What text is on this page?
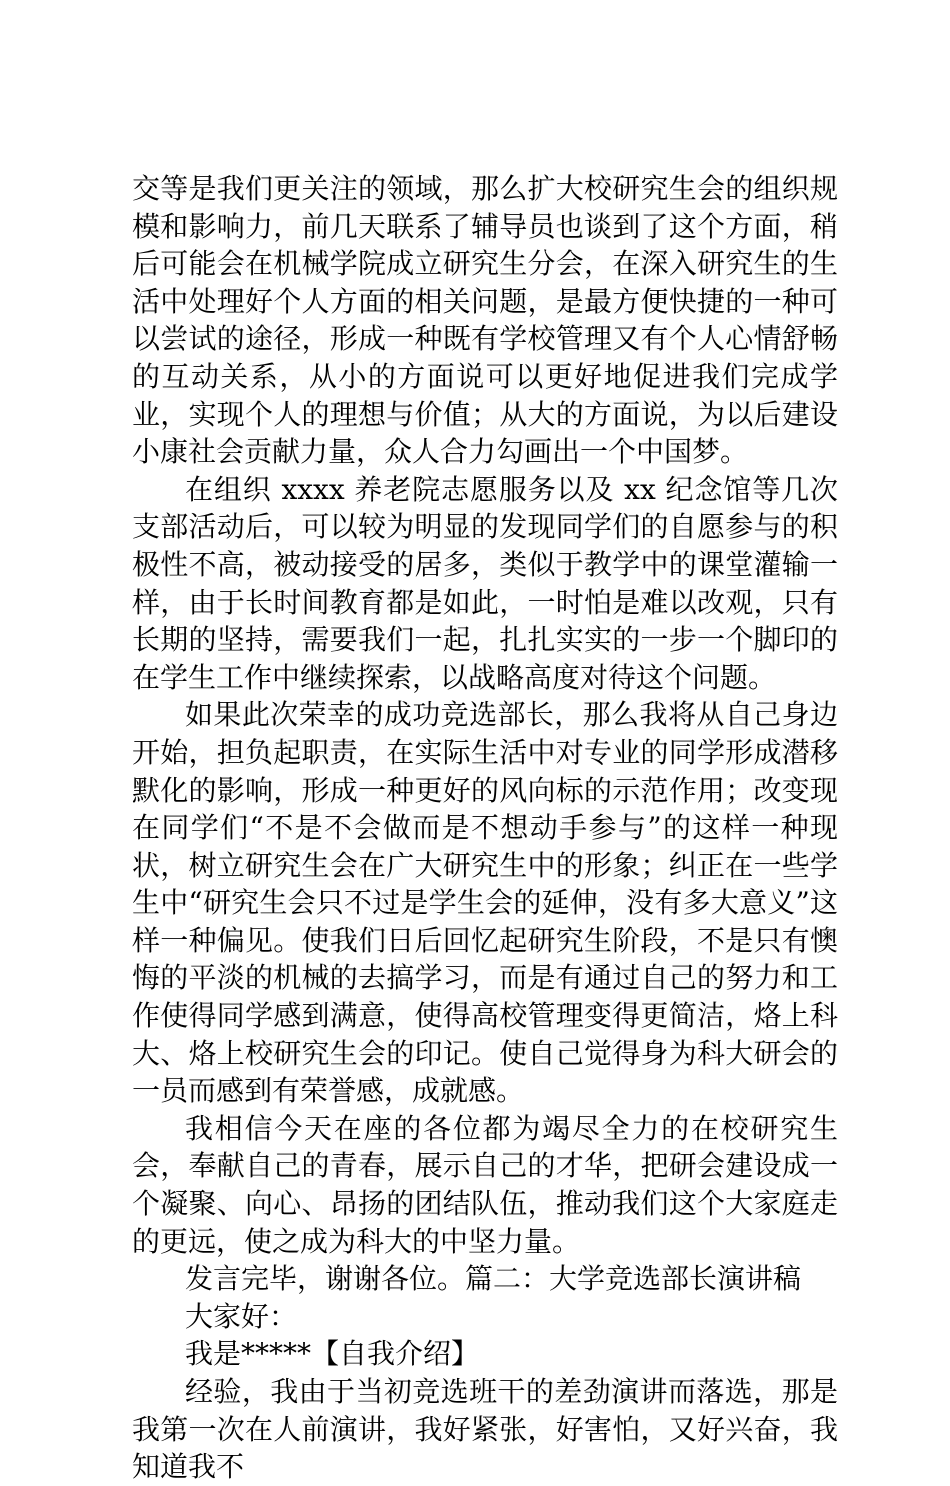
交等是我们更关注的领域，那么扩大校研究生会的组织规模和影响力，前几天联系了辅导员也谈到了这个方面，稍后可能会在机械学院成立研究生分会，在深入研究生的生活中处理好个人方面的相关问题，是最方便快捷的一种可以尝试的途径，形成一种既有学校管理又有个人心情舒畅的互动关系，从小的方面说可以更好地促进我们完成学业，实现个人的理想与价值；从大的方面说，为以后建设小康社会贡献力量，众人合力勾画出一个中国梦。

在组织 xxxx 养老院志愿服务以及 xx 纪念馆等几次支部活动后，可以较为明显的发现同学们的自愿参与的积极性不高，被动接受的居多，类似于教学中的课堂灌输一样，由于长时间教育都是如此，一时怕是难以改观，只有长期的坚持，需要我们一起，扎扎实实的一步一个脚印的在学生工作中继续探索，以战略高度对待这个问题。

如果此次荣幸的成功竞选部长，那么我将从自己身边开始，担负起职责，在实际生活中对专业的同学形成潜移默化的影响，形成一种更好的风向标的示范作用；改变现在同学们“不是不会做而是不想动手参与”的这样一种现状，树立研究生会在广大研究生中的形象；纠正在一些学生中“研究生会只不过是学生会的延伸，没有多大意义”这样一种偏见。使我们日后回忆起研究生阶段，不是只有懊悔的平淡的机械的去搞学习，而是有通过自己的努力和工作使得同学感到满意，使得高校管理变得更简洁，烙上科大、烙上校研究生会的印记。使自己觉得身为科大研会的一员而感到有荣誉感，成就感。

我相信今天在座的各位都为竭尽全力的在校研究生会，奉献自己的青春，展示自己的才华，把研会建设成一个凝聚、向心、昂扬的团结队伍，推动我们这个大家庭走的更远，使之成为科大的中坚力量。

发言完毕，谢谢各位。篇二：大学竞选部长演讲稿

大家好：

我是*****【自我介绍】

经验，我由于当初竞选班干的差劲演讲而落选，那是我第一次在人前演讲，我好紧张，好害怕，又好兴奋，我知道我不
